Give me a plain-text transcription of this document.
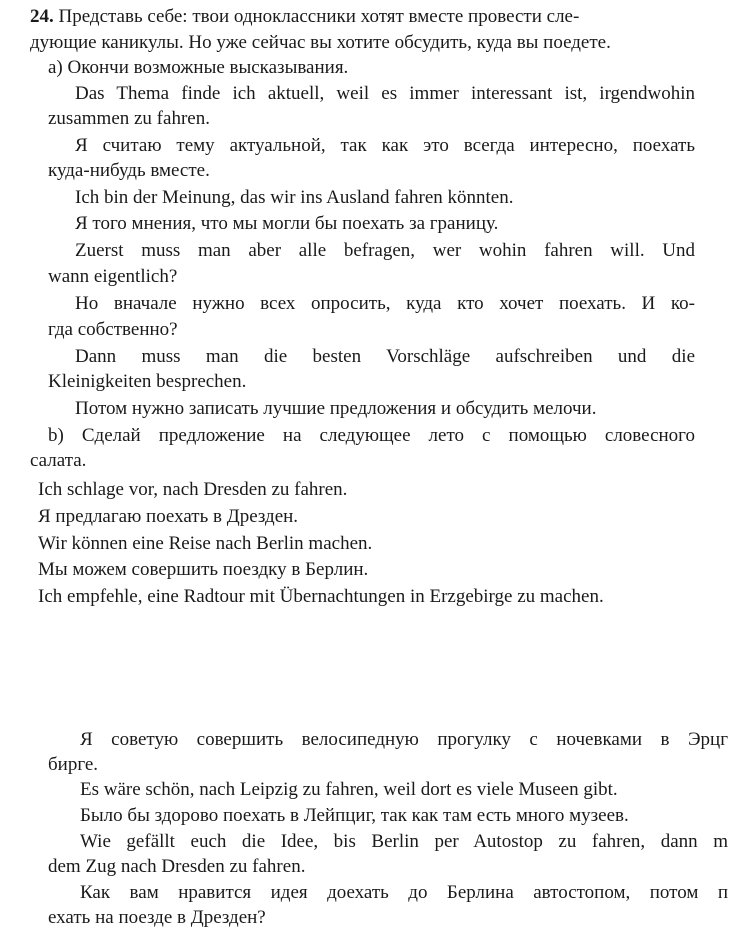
24. Представь себе: твои одноклассники хотят вместе провести сле-
дующие каникулы. Но уже сейчас вы хотите обсудить, куда вы поедете.
а) Окончи возможные высказывания.
Das Thema finde ich aktuell, weil es immer interessant ist, irgendwohin
zusammen zu fahren.
Я считаю тему актуальной, так как это всегда интересно, поехать
куда-нибудь вместе.
Ich bin der Meinung, das wir ins Ausland fahren könnten.
Я того мнения, что мы могли бы поехать за границу.
Zuerst muss man aber alle befragen, wer wohin fahren will. Und
wann eigentlich?
Но вначале нужно всех опросить, куда кто хочет поехать. И ко-
гда собственно?
Dann muss man die besten Vorschläge aufschreiben und die
Kleinigkeiten besprechen.
Потом нужно записать лучшие предложения и обсудить мелочи.
b) Сделай предложение на следующее лето с помощью словесного
салата.
Ich schlage vor, nach Dresden zu fahren.
Я предлагаю поехать в Дрезден.
Wir können eine Reise nach Berlin machen.
Мы можем совершить поездку в Берлин.
Ich empfehle, eine Radtour mit Übernachtungen in Erzgebirge zu machen.
Я советую совершить велосипедную прогулку с ночевками в Эрцг
бирге.
Es wäre schön, nach Leipzig zu fahren, weil dort es viele Museen gibt.
Было бы здорово поехать в Лейпциг, так как там есть много музеев.
Wie gefällt euch die Idee, bis Berlin per Autostop zu fahren, dann m
dem Zug nach Dresden zu fahren.
Как вам нравится идея доехать до Берлина автостопом, потом п
ехать на поезде в Дрезден?
